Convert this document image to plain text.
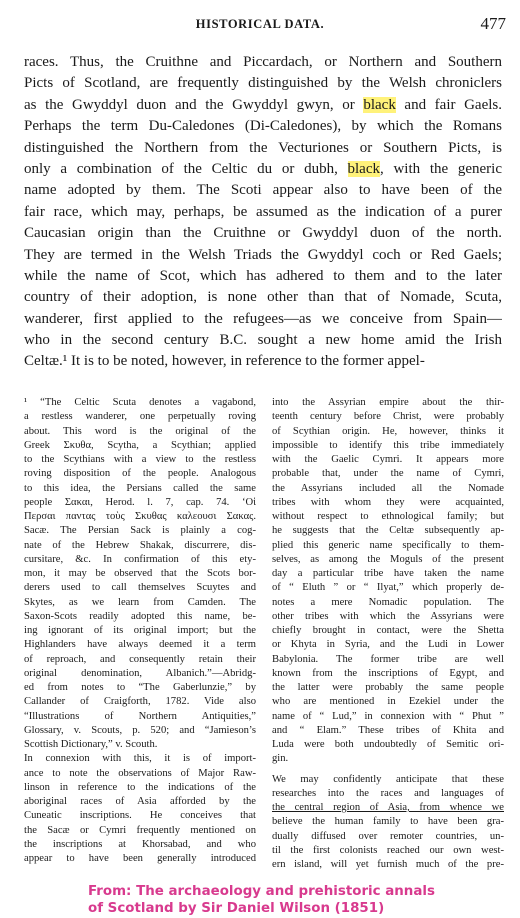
HISTORICAL DATA.	477
races. Thus, the Cruithne and Piccardach, or Northern and Southern
Picts of Scotland, are frequently distinguished by the Welsh chroniclers
as the Gwyddyl duon and the Gwyddyl gwyn, or black and fair Gaels.
Perhaps the term Du-Caledones (Di-Caledones), by which the Romans
distinguished the Northern from the Vecturiones or Southern Picts, is
only a combination of the Celtic du or dubh, black, with the generic
name adopted by them. The Scoti appear also to have been of the
fair race, which may, perhaps, be assumed as the indication of a purer
Caucasian origin than the Cruithne or Gwyddyl duon of the north.
They are termed in the Welsh Triads the Gwyddyl coch or Red Gaels;
while the name of Scot, which has adhered to them and to the later
country of their adoption, is none other than that of Nomade, Scuta,
wanderer, first applied to the refugees—as we conceive from Spain—
who in the second century B.C. sought a new home amid the Irish
Celtæ.¹ It is to be noted, however, in reference to the former appel-
¹ “The Celtic Scuta denotes a vagabond,
a restless wanderer, one perpetually roving
about. This word is the original of the
Greek Σκυθα, Scytha, a Scythian; applied
to the Scythians with a view to the restless
roving disposition of the people. Analogous
to this idea, the Persians called the same
people Σακαι, Herod. l. 7, cap. 74. ‘Οἱ
Περσαι παντας τοὺς Σκυθας καλεουσι Σακας.
Sacæ. The Persian Sack is plainly a cog-
nate of the Hebrew Shakak, discurrere, dis-
cursitare, &c. In confirmation of this ety-
mon, it may be observed that the Scots bor-
derers used to call themselves Scuytes and
Skytes, as we learn from Camden. The
Saxon-Scots readily adopted this name, be-
ing ignorant of its original import; but the
Highlanders have always deemed it a term
of reproach, and consequently retain their
original denomination, Albanich.”—Abridg-
ed from notes to “The Gaberlunzie,” by
Callander of Craigforth, 1782. Vide also
“Illustrations of Northern Antiquities,”
Glossary, v. Scouts, p. 520; and “Jamieson’s
Scottish Dictionary,” v. Scouth.
In connexion with this, it is of import-
ance to note the observations of Major Raw-
linson in reference to the indications of the
aboriginal races of Asia afforded by the
Cuneatic inscriptions. He conceives that
the Sacæ or Cymri frequently mentioned on
the inscriptions at Khorsabad, and who
appear to have been generally introduced
into the Assyrian empire about the thir-
teenth century before Christ, were probably
of Scythian origin. He, however, thinks it
impossible to identify this tribe immediately
with the Gaelic Cymri. It appears more
probable that, under the name of Cymri,
the Assyrians included all the Nomade
tribes with whom they were acquainted,
without respect to ethnological family; but
he suggests that the Celtæ subsequently ap-
plied this generic name specifically to them-
selves, as among the Moguls of the present
day a particular tribe have taken the name
of “ Eluth ” or “ Ilyat,” which properly de-
notes a mere Nomadic population. The
other tribes with which the Assyrians were
chiefly brought in contact, were the Shetta
or Khyta in Syria, and the Ludi in Lower
Babylonia. The former tribe are well
known from the inscriptions of Egypt, and
the latter were probably the same people
who are mentioned in Ezekiel under the
name of “ Lud,” in connexion with “ Phut ”
and “ Elam.” These tribes of Khita and
Luda were both undoubtedly of Semitic ori-
gin.
We may confidently anticipate that these
researches into the races and languages of
the central region of Asia, from whence we
believe the human family to have been gra-
dually diffused over remoter countries, un-
til the first colonists reached our own west-
ern island, will yet furnish much of the pre-
From: The archaeology and prehistoric annals
of Scotland by Sir Daniel Wilson (1851)
